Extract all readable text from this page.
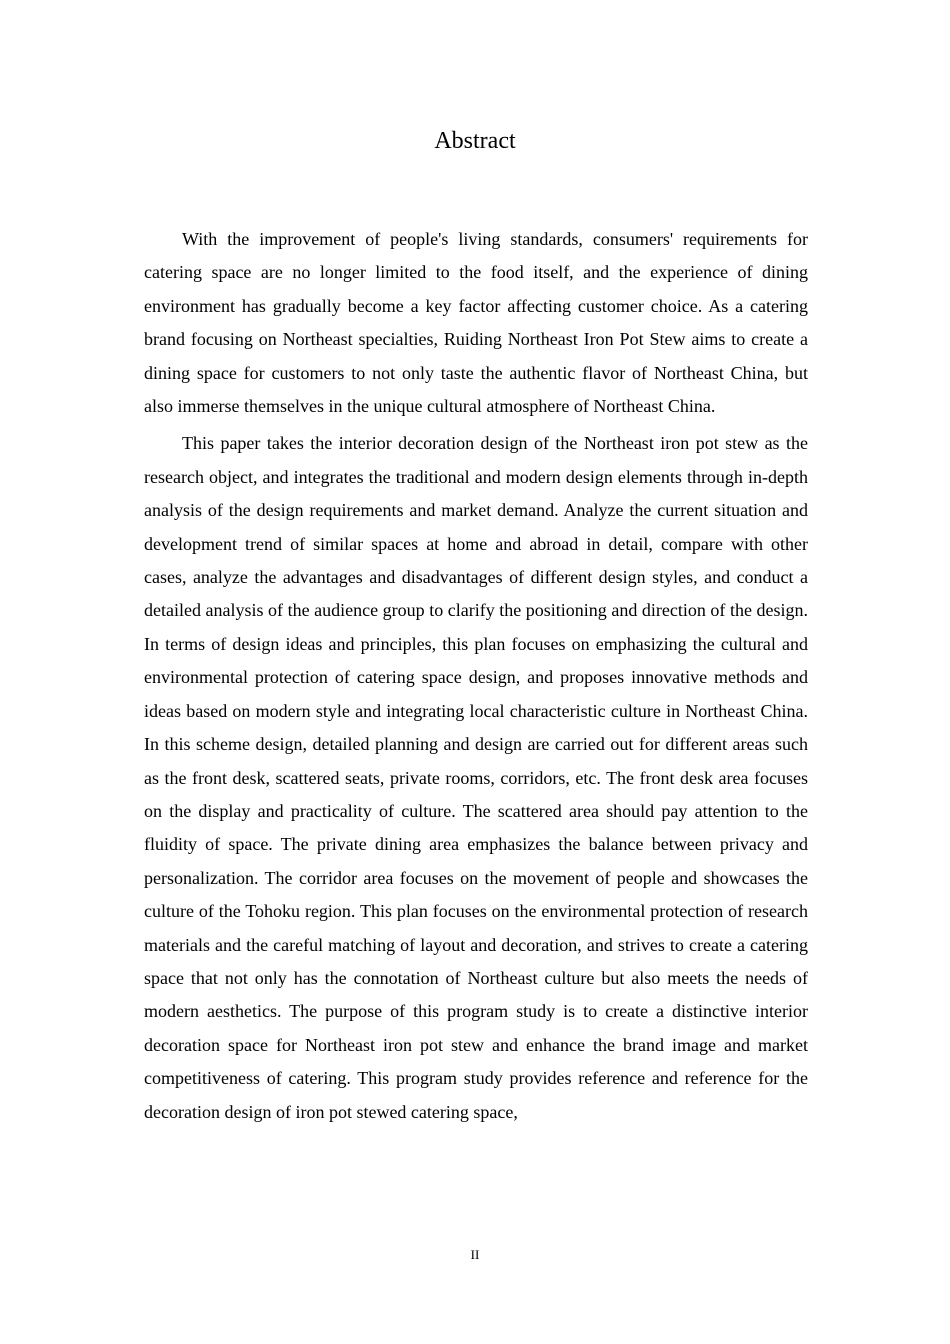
Abstract

With the improvement of people's living standards, consumers' requirements for catering space are no longer limited to the food itself, and the experience of dining environment has gradually become a key factor affecting customer choice. As a catering brand focusing on Northeast specialties, Ruiding Northeast Iron Pot Stew aims to create a dining space for customers to not only taste the authentic flavor of Northeast China, but also immerse themselves in the unique cultural atmosphere of Northeast China.

This paper takes the interior decoration design of the Northeast iron pot stew as the research object, and integrates the traditional and modern design elements through in-depth analysis of the design requirements and market demand. Analyze the current situation and development trend of similar spaces at home and abroad in detail, compare with other cases, analyze the advantages and disadvantages of different design styles, and conduct a detailed analysis of the audience group to clarify the positioning and direction of the design. In terms of design ideas and principles, this plan focuses on emphasizing the cultural and environmental protection of catering space design, and proposes innovative methods and ideas based on modern style and integrating local characteristic culture in Northeast China. In this scheme design, detailed planning and design are carried out for different areas such as the front desk, scattered seats, private rooms, corridors, etc. The front desk area focuses on the display and practicality of culture. The scattered area should pay attention to the fluidity of space. The private dining area emphasizes the balance between privacy and personalization. The corridor area focuses on the movement of people and showcases the culture of the Tohoku region. This plan focuses on the environmental protection of research materials and the careful matching of layout and decoration, and strives to create a catering space that not only has the connotation of Northeast culture but also meets the needs of modern aesthetics. The purpose of this program study is to create a distinctive interior decoration space for Northeast iron pot stew and enhance the brand image and market competitiveness of catering. This program study provides reference and reference for the decoration design of iron pot stewed catering space,

II
